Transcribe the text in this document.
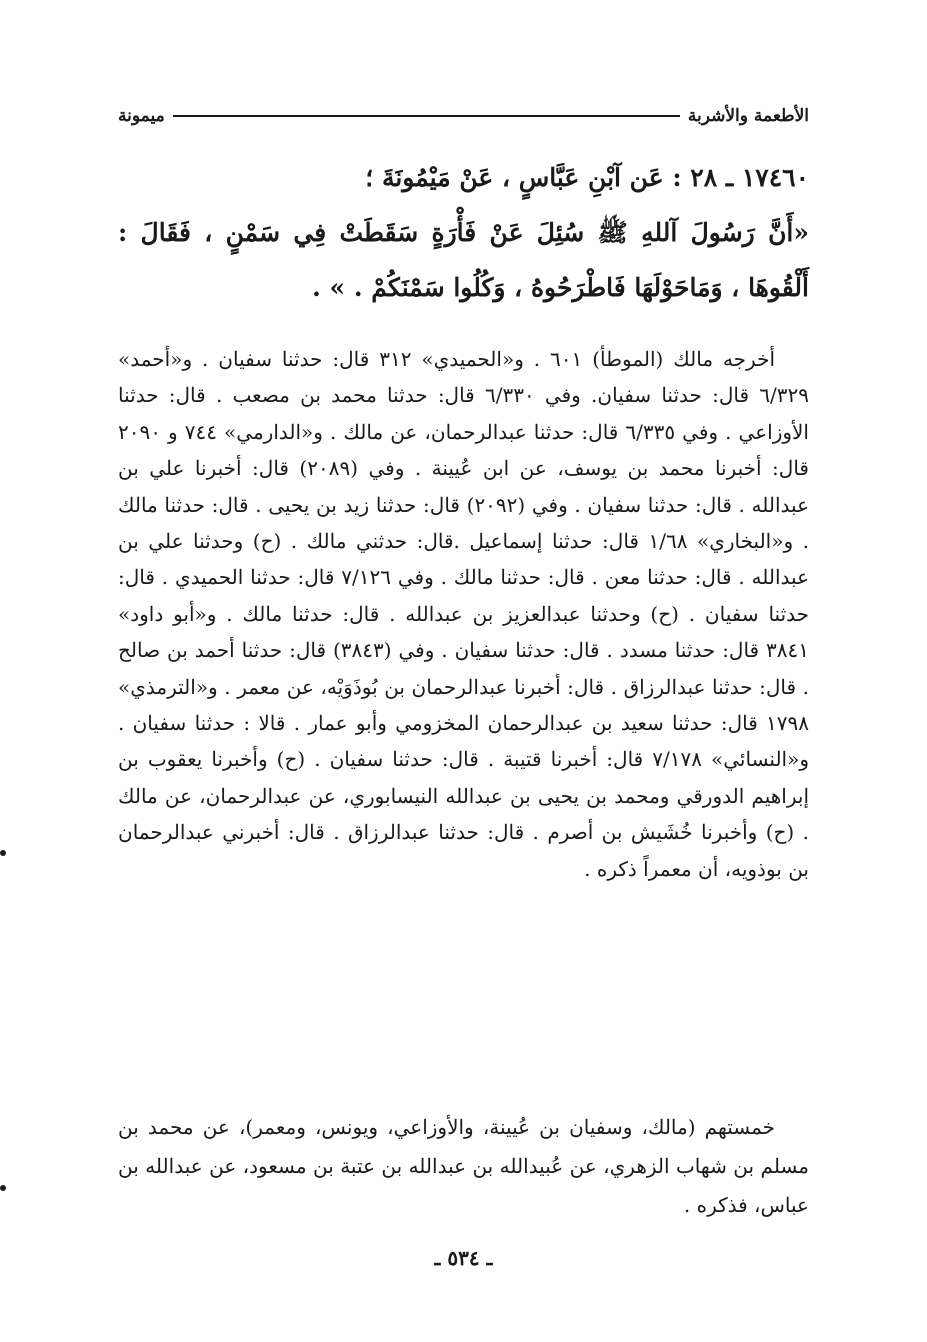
الأطعمة والأشربة
ميمونة
١٧٤٦٠ ـ ٢٨ : عَن آبْنِ عَبَّاسٍ ، عَنْ مَيْمُونَةَ ؛
«أَنَّ رَسُولَ آللهِ ﷺ سُئِلَ عَنْ فَأْرَةٍ سَقَطَتْ فِي سَمْنٍ ، فَقَالَ : أَلْقُوهَا ، وَمَاحَوْلَهَا فَاطْرَحُوهُ ، وَكُلُوا سَمْنَكُمْ . » .

أخرجه مالك (الموطأ) ٦٠١ . و«الحميدي» ٣١٢ قال: حدثنا سفيان . و«أحمد» ٦/٣٢٩ قال: حدثنا سفيان. وفي ٦/٣٣٠ قال: حدثنا محمد بن مصعب . قال: حدثنا الأوزاعي . وفي ٦/٣٣٥ قال: حدثنا عبدالرحمان، عن مالك . و«الدارمي» ٧٤٤ و ٢٠٩٠ قال: أخبرنا محمد بن يوسف، عن ابن عُيينة . وفي (٢٠٨٩) قال: أخبرنا علي بن عبدالله . قال: حدثنا سفيان . وفي (٢٠٩٢) قال: حدثنا زيد بن يحيى . قال: حدثنا مالك . و«البخاري» ١/٦٨ قال: حدثنا إسماعيل .قال: حدثني مالك . (ح) وحدثنا علي بن عبدالله . قال: حدثنا معن . قال: حدثنا مالك . وفي ٧/١٢٦ قال: حدثنا الحميدي . قال: حدثنا سفيان . (ح) وحدثنا عبدالعزيز بن عبدالله . قال: حدثنا مالك . و«أبو داود» ٣٨٤١ قال: حدثنا مسدد . قال: حدثنا سفيان . وفي (٣٨٤٣) قال: حدثنا أحمد بن صالح . قال: حدثنا عبدالرزاق . قال: أخبرنا عبدالرحمان بن بُوذَوَيْه، عن معمر . و«الترمذي» ١٧٩٨ قال: حدثنا سعيد بن عبدالرحمان المخزومي وأبو عمار . قالا : حدثنا سفيان . و«النسائي» ٧/١٧٨ قال: أخبرنا قتيبة . قال: حدثنا سفيان . (ح) وأخبرنا يعقوب بن إبراهيم الدورقي ومحمد بن يحيى بن عبدالله النيسابوري، عن عبدالرحمان، عن مالك . (ح) وأخبرنا خُشَيش بن أصرم . قال: حدثنا عبدالرزاق . قال: أخبرني عبدالرحمان بن بوذويه، أن معمراً ذكره .

خمستهم (مالك، وسفيان بن عُيينة، والأوزاعي، ويونس، ومعمر)، عن محمد بن مسلم بن شهاب الزهري، عن عُبيدالله بن عبدالله بن عتبة بن مسعود، عن عبدالله بن عباس، فذكره .

ـ ٥٣٤ ـ
